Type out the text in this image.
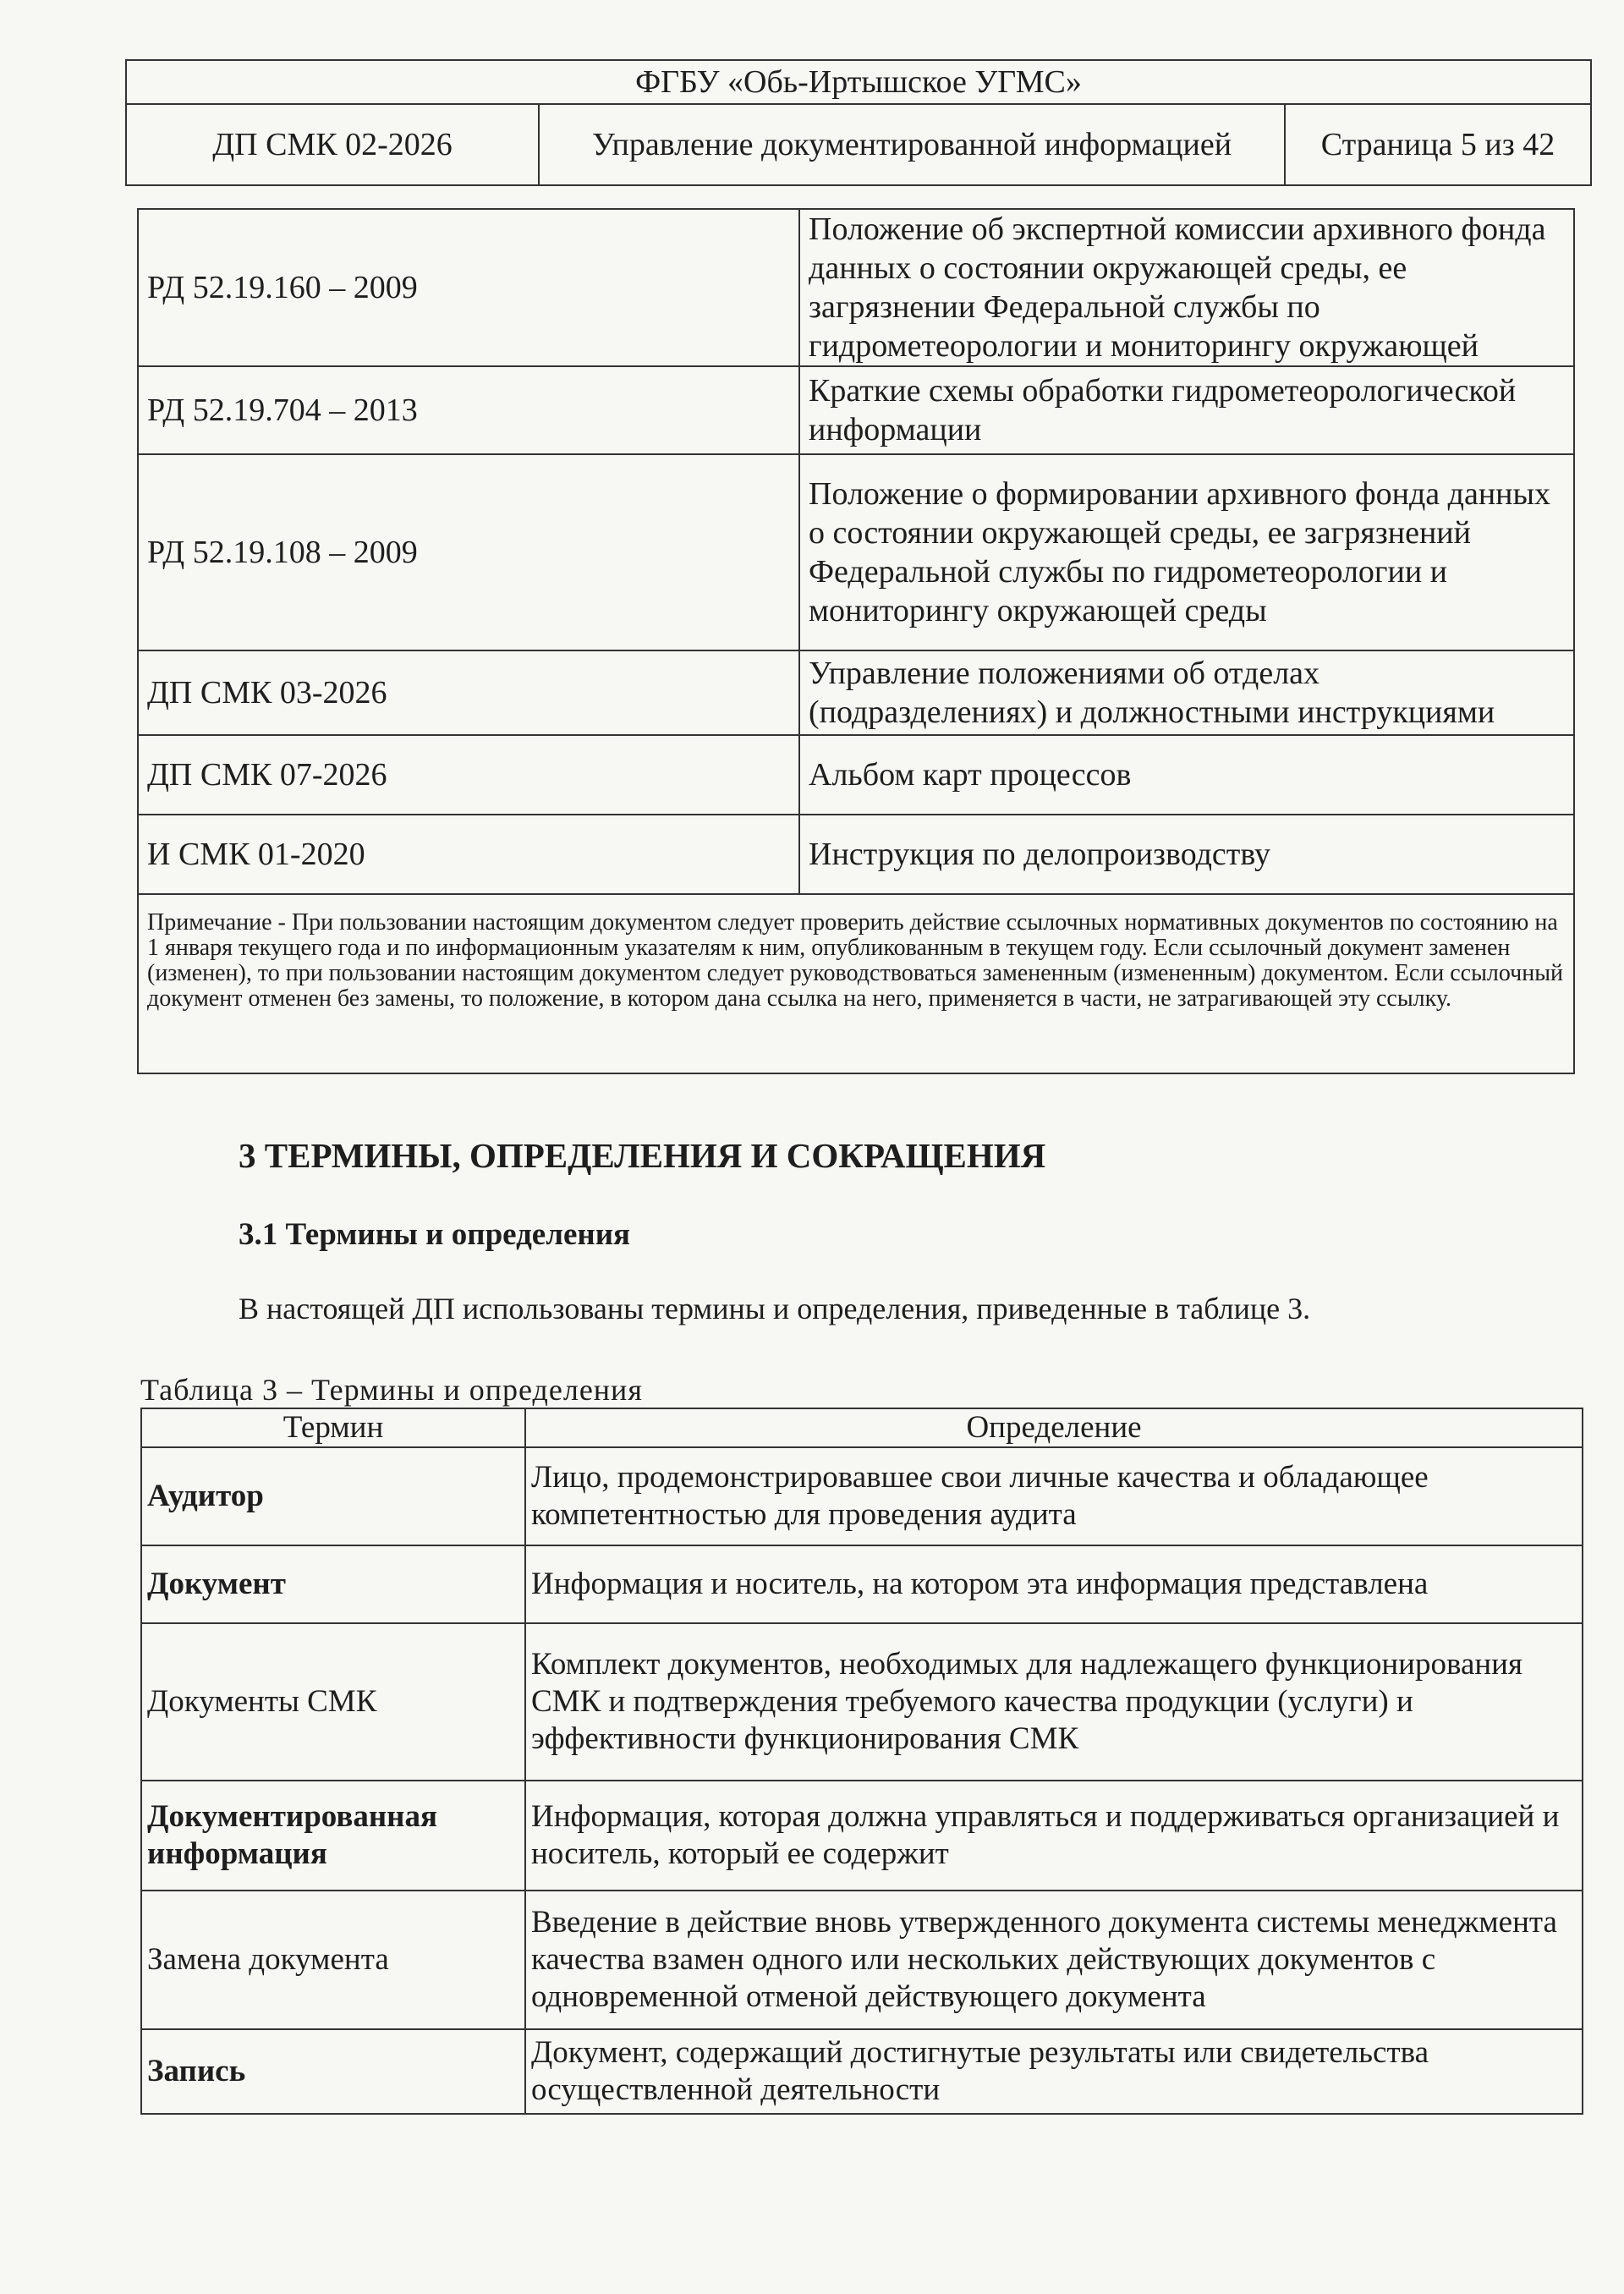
ФГБУ «Обь-Иртышское УГМС»
ДП СМК 02-2026	Управление документированной информацией	Страница 5 из 42
РД 52.19.160 – 2009	Положение об экспертной комиссии архивного фонда данных о состоянии окружающей среды, ее загрязнении Федеральной службы по гидрометеорологии и мониторингу окружающей
РД 52.19.704 – 2013	Краткие схемы обработки гидрометеорологической информации
РД 52.19.108 – 2009	Положение о формировании архивного фонда данных о состоянии окружающей среды, ее загрязнений Федеральной службы по гидрометеорологии и мониторингу окружающей среды
ДП СМК 03-2026	Управление положениями об отделах (подразделениях) и должностными инструкциями
ДП СМК 07-2026	Альбом карт процессов
И СМК 01-2020	Инструкция по делопроизводству
Примечание - При пользовании настоящим документом следует проверить действие ссылочных нормативных документов по состоянию на 1 января текущего года и по информационным указателям к ним, опубликованным в текущем году. Если ссылочный документ заменен (изменен), то при пользовании настоящим документом следует руководствоваться замененным (измененным) документом. Если ссылочный документ отменен без замены, то положение, в котором дана ссылка на него, применяется в части, не затрагивающей эту ссылку.	
3 ТЕРМИНЫ, ОПРЕДЕЛЕНИЯ И СОКРАЩЕНИЯ
3.1 Термины и определения

В настоящей ДП использованы термины и определения, приведенные в таблице 3.

Таблица 3 – Термины и определения

Термин	Определение
Аудитор	Лицо, продемонстрировавшее свои личные качества и обладающее компетентностью для проведения аудита
Документ	Информация и носитель, на котором эта информация представлена
Документы СМК	Комплект документов, необходимых для надлежащего функционирования СМК и подтверждения требуемого качества продукции (услуги) и эффективности функционирования СМК
Документированная информация	Информация, которая должна управляться и поддерживаться организацией и носитель, который ее содержит
Замена документа	Введение в действие вновь утвержденного документа системы менеджмента качества взамен одного или нескольких действующих документов с одновременной отменой действующего документа
Запись	Документ, содержащий достигнутые результаты или свидетельства осуществленной деятельности
